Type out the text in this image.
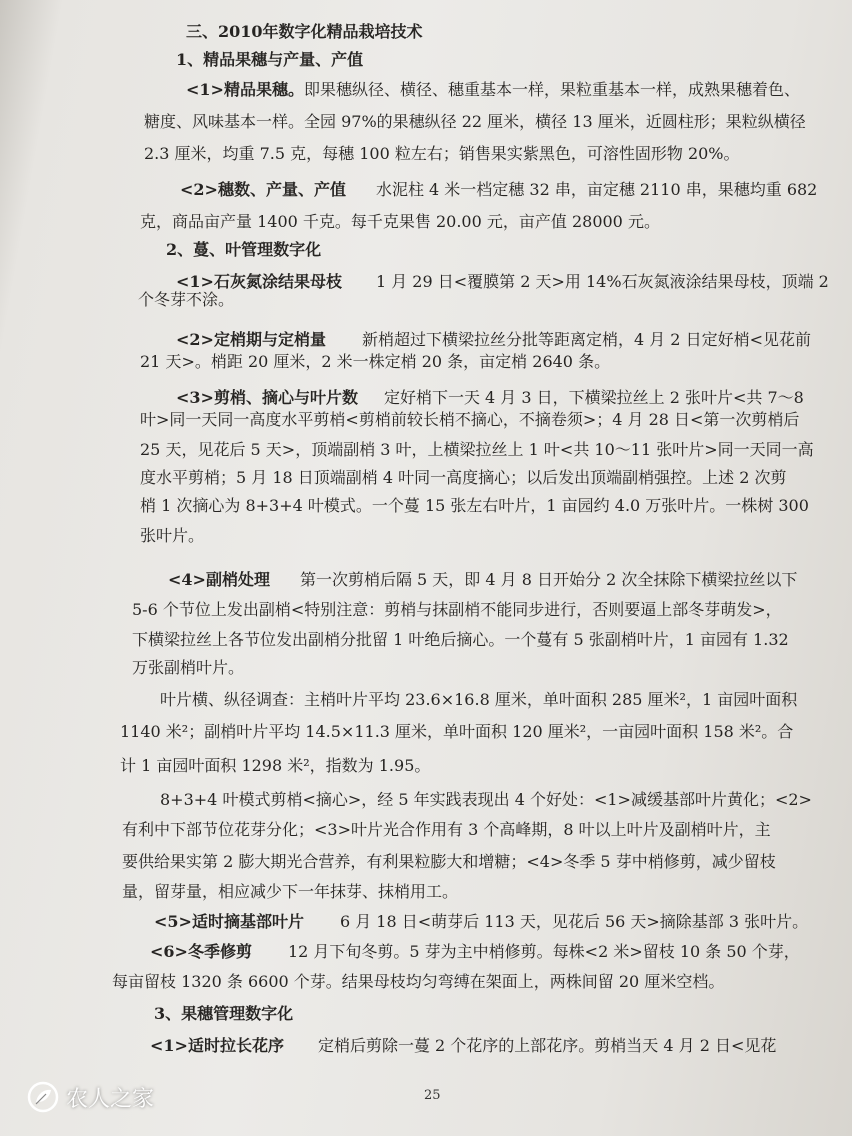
三、2010年数字化精品栽培技术
1、精品果穗与产量、产值
<1>精品果穗。即果穗纵径、横径、穗重基本一样，果粒重基本一样，成熟果穗着色、
糖度、风味基本一样。全园 97%的果穗纵径 22 厘米，横径 13 厘米，近圆柱形；果粒纵横径
2.3 厘米，均重 7.5 克，每穗 100 粒左右；销售果实紫黑色，可溶性固形物 20%。
<2>穗数、产量、产值 水泥柱 4 米一档定穗 32 串，亩定穗 2110 串，果穗均重 682
克，商品亩产量 1400 千克。每千克果售 20.00 元，亩产值 28000 元。
2、蔓、叶管理数字化
<1>石灰氮涂结果母枝 1 月 29 日<覆膜第 2 天>用 14%石灰氮液涂结果母枝，顶端 2
个冬芽不涂。
<2>定梢期与定梢量 新梢超过下横梁拉丝分批等距离定梢，4 月 2 日定好梢<见花前
21 天>。梢距 20 厘米，2 米一株定梢 20 条，亩定梢 2640 条。
<3>剪梢、摘心与叶片数 定好梢下一天 4 月 3 日，下横梁拉丝上 2 张叶片<共 7～8
叶>同一天同一高度水平剪梢<剪梢前较长梢不摘心，不摘卷须>；4 月 28 日<第一次剪梢后
25 天，见花后 5 天>，顶端副梢 3 叶，上横梁拉丝上 1 叶<共 10～11 张叶片>同一天同一高
度水平剪梢；5 月 18 日顶端副梢 4 叶同一高度摘心；以后发出顶端副梢强控。上述 2 次剪
梢 1 次摘心为 8+3+4 叶模式。一个蔓 15 张左右叶片，1 亩园约 4.0 万张叶片。一株树 300
张叶片。
<4>副梢处理 第一次剪梢后隔 5 天，即 4 月 8 日开始分 2 次全抹除下横梁拉丝以下
5-6 个节位上发出副梢<特别注意：剪梢与抹副梢不能同步进行，否则要逼上部冬芽萌发>，
下横梁拉丝上各节位发出副梢分批留 1 叶绝后摘心。一个蔓有 5 张副梢叶片，1 亩园有 1.32
万张副梢叶片。
叶片横、纵径调查：主梢叶片平均 23.6×16.8 厘米，单叶面积 285 厘米²，1 亩园叶面积
1140 米²；副梢叶片平均 14.5×11.3 厘米，单叶面积 120 厘米²，一亩园叶面积 158 米²。合
计 1 亩园叶面积 1298 米²，指数为 1.95。
8+3+4 叶模式剪梢<摘心>，经 5 年实践表现出 4 个好处：<1>减缓基部叶片黄化；<2>
有利中下部节位花芽分化；<3>叶片光合作用有 3 个高峰期，8 叶以上叶片及副梢叶片，主
要供给果实第 2 膨大期光合营养，有利果粒膨大和增糖；<4>冬季 5 芽中梢修剪，减少留枝
量，留芽量，相应减少下一年抹芽、抹梢用工。
<5>适时摘基部叶片 6 月 18 日<萌芽后 113 天，见花后 56 天>摘除基部 3 张叶片。
<6>冬季修剪 12 月下旬冬剪。5 芽为主中梢修剪。每株<2 米>留枝 10 条 50 个芽，
每亩留枝 1320 条 6600 个芽。结果母枝均匀弯缚在架面上，两株间留 20 厘米空档。
3、果穗管理数字化
<1>适时拉长花序 定梢后剪除一蔓 2 个花序的上部花序。剪梢当天 4 月 2 日<见花
25
农人之家
